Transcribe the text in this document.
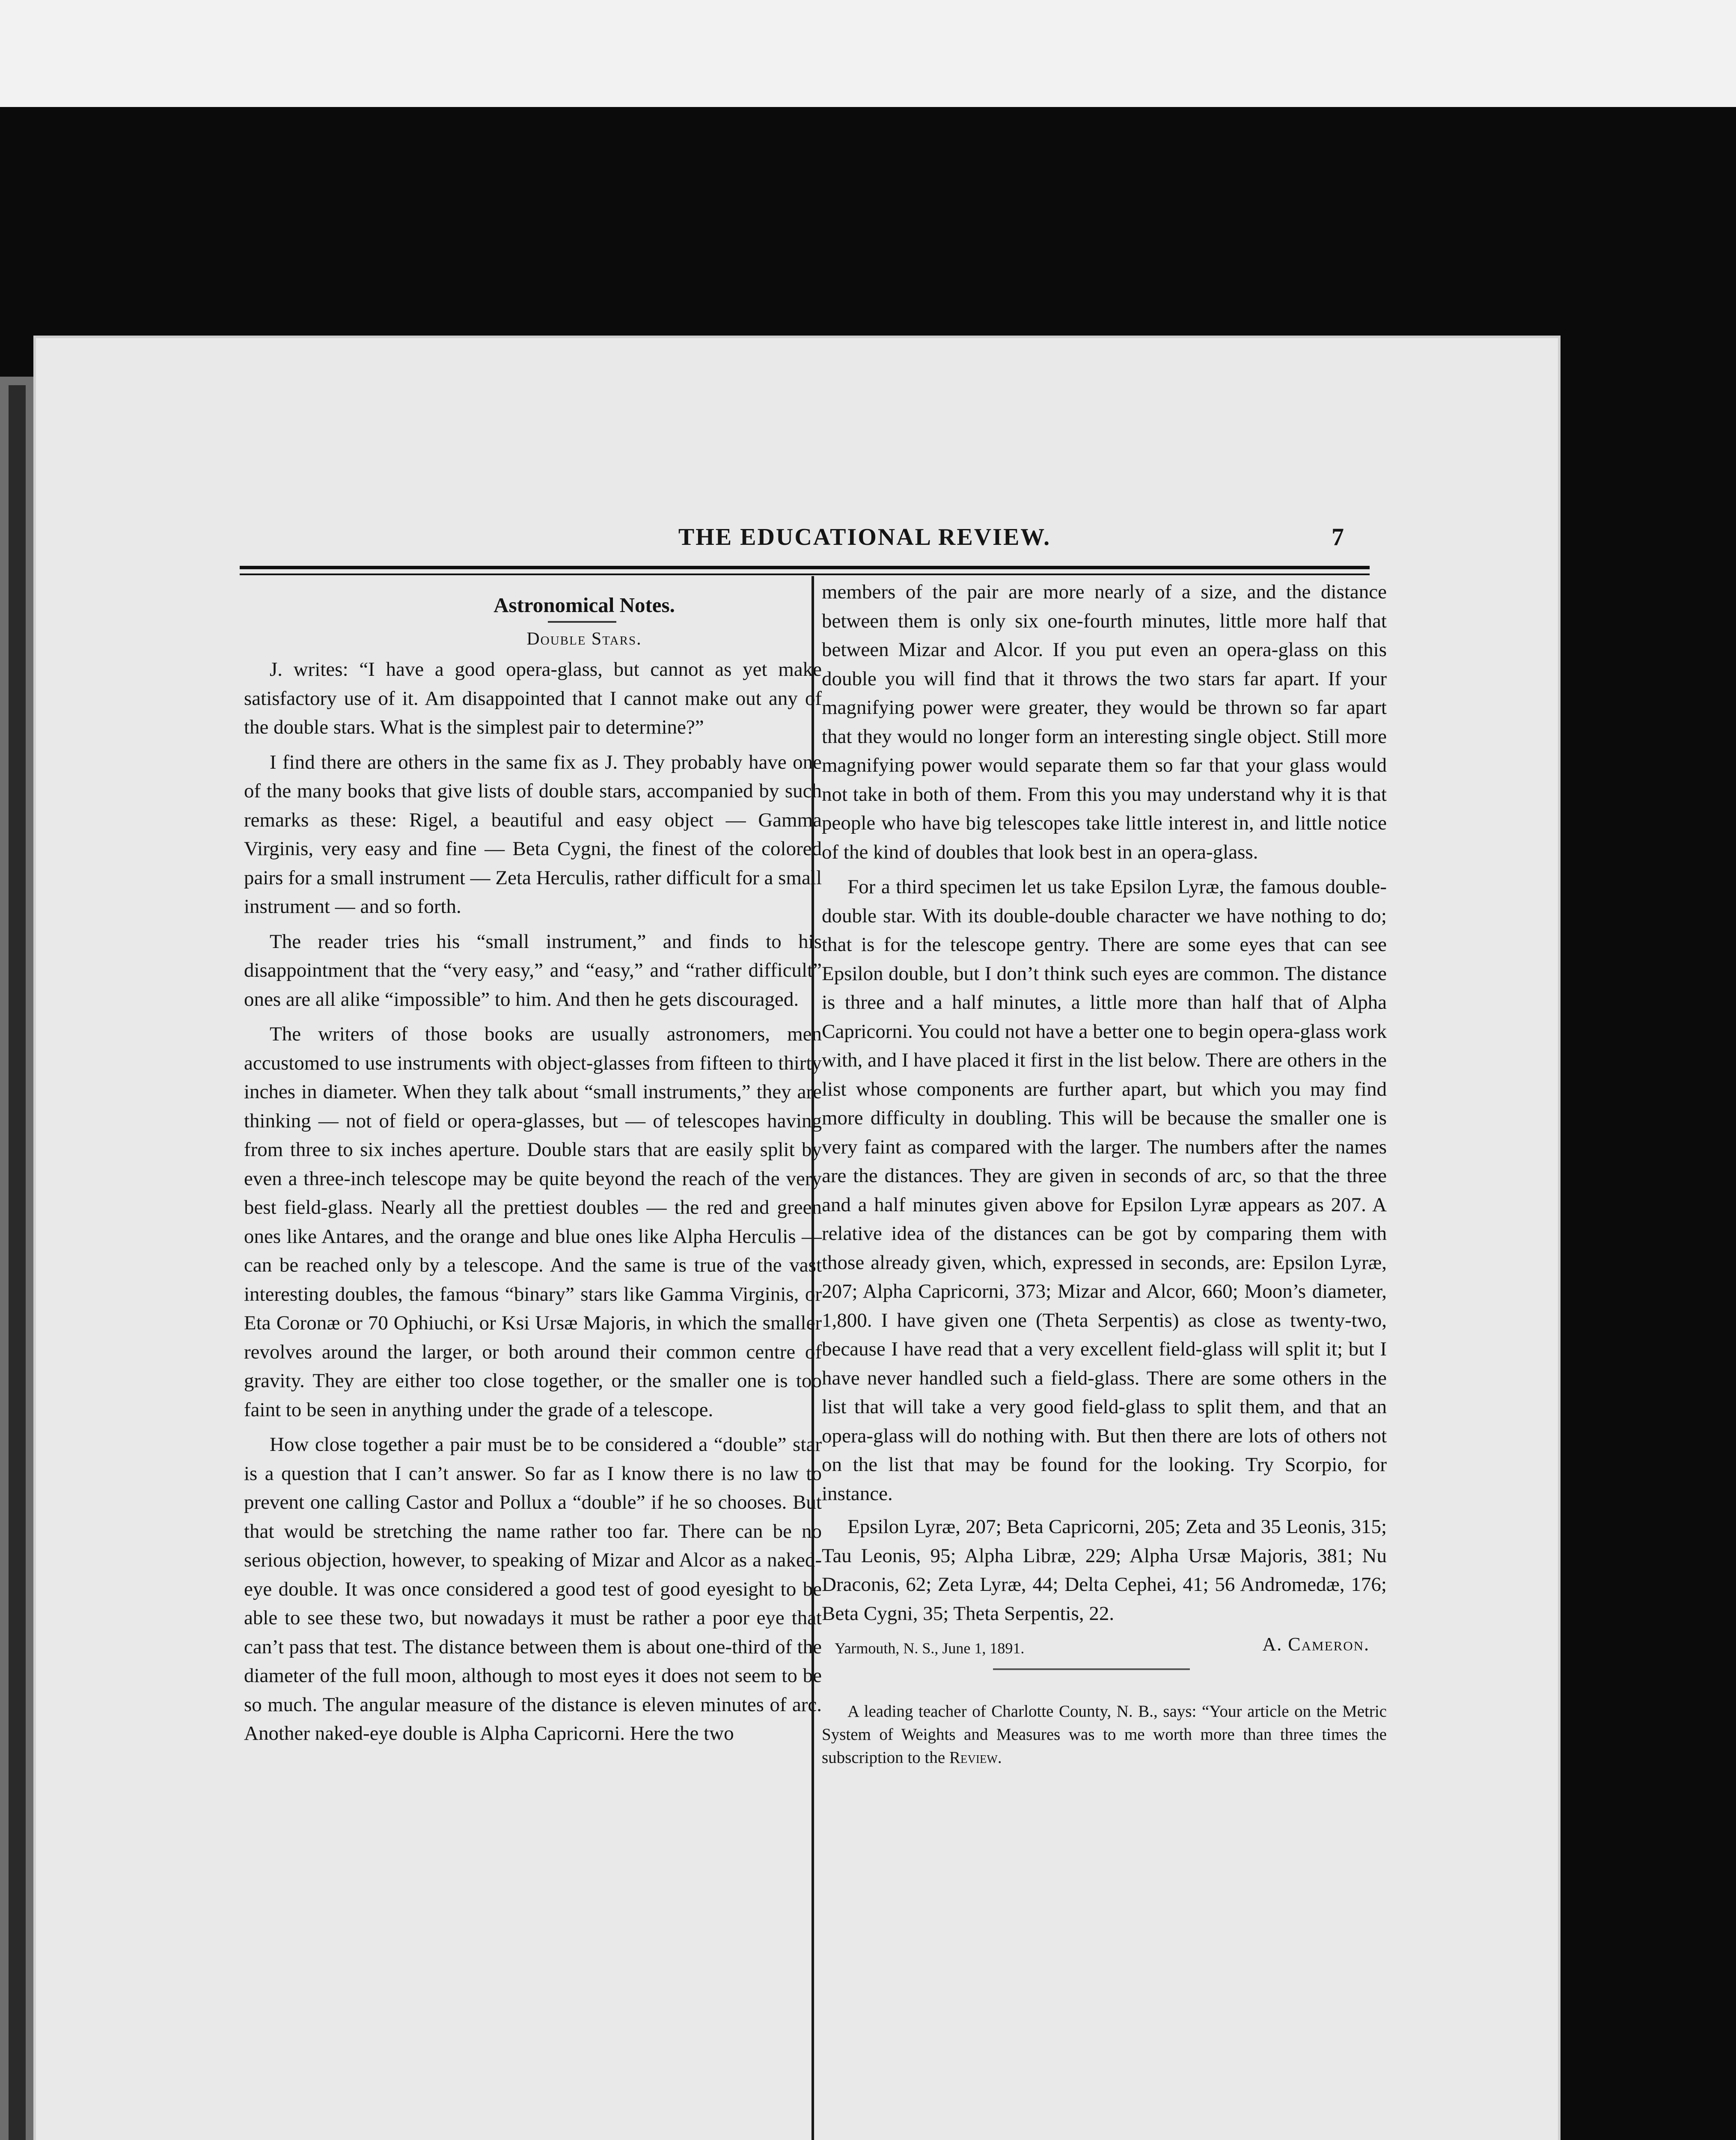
THE EDUCATIONAL REVIEW.	7
Astronomical Notes.
Double Stars.

J. writes: “I have a good opera-glass, but cannot as yet make satisfactory use of it. Am disappointed that I cannot make out any of the double stars. What is the simplest pair to determine?”

I find there are others in the same fix as J. They probably have one of the many books that give lists of double stars, accompanied by such remarks as these: Rigel, a beautiful and easy object — Gamma Virginis, very easy and fine — Beta Cygni, the finest of the colored pairs for a small instrument — Zeta Herculis, rather difficult for a small instrument — and so forth.

The reader tries his “small instrument,” and finds to his disappointment that the “very easy,” and “easy,” and “rather difficult” ones are all alike “impossible” to him. And then he gets discouraged.

The writers of those books are usually astronomers, men accustomed to use instruments with object-glasses from fifteen to thirty inches in diameter. When they talk about “small instruments,” they are thinking — not of field or opera-glasses, but — of telescopes having from three to six inches aperture. Double stars that are easily split by even a three-inch telescope may be quite beyond the reach of the very best field-glass. Nearly all the prettiest doubles — the red and green ones like Antares, and the orange and blue ones like Alpha Herculis — can be reached only by a telescope. And the same is true of the vast interesting doubles, the famous “binary” stars like Gamma Virginis, or Eta Coronæ or 70 Ophiuchi, or Ksi Ursæ Majoris, in which the smaller revolves around the larger, or both around their common centre of gravity. They are either too close together, or the smaller one is too faint to be seen in anything under the grade of a telescope.

How close together a pair must be to be considered a “double” star is a question that I can’t answer. So far as I know there is no law to prevent one calling Castor and Pollux a “double” if he so chooses. But that would be stretching the name rather too far. There can be no serious objection, however, to speaking of Mizar and Alcor as a naked-eye double. It was once considered a good test of good eyesight to be able to see these two, but nowadays it must be rather a poor eye that can’t pass that test. The distance between them is about one-third of the diameter of the full moon, although to most eyes it does not seem to be so much. The angular measure of the distance is eleven minutes of arc. Another naked-eye double is Alpha Capricorni. Here the two

members of the pair are more nearly of a size, and the distance between them is only six one-fourth minutes, little more half that between Mizar and Alcor. If you put even an opera-glass on this double you will find that it throws the two stars far apart. If your magnifying power were greater, they would be thrown so far apart that they would no longer form an interesting single object. Still more magnifying power would separate them so far that your glass would not take in both of them. From this you may understand why it is that people who have big telescopes take little interest in, and little notice of the kind of doubles that look best in an opera-glass.

For a third specimen let us take Epsilon Lyræ, the famous double-double star. With its double-double character we have nothing to do; that is for the telescope gentry. There are some eyes that can see Epsilon double, but I don’t think such eyes are common. The distance is three and a half minutes, a little more than half that of Alpha Capricorni. You could not have a better one to begin opera-glass work with, and I have placed it first in the list below. There are others in the list whose components are further apart, but which you may find more difficulty in doubling. This will be because the smaller one is very faint as compared with the larger. The numbers after the names are the distances. They are given in seconds of arc, so that the three and a half minutes given above for Epsilon Lyræ appears as 207. A relative idea of the distances can be got by comparing them with those already given, which, expressed in seconds, are: Epsilon Lyræ, 207; Alpha Capricorni, 373; Mizar and Alcor, 660; Moon’s diameter, 1,800. I have given one (Theta Serpentis) as close as twenty-two, because I have read that a very excellent field-glass will split it; but I have never handled such a field-glass. There are some others in the list that will take a very good field-glass to split them, and that an opera-glass will do nothing with. But then there are lots of others not on the list that may be found for the looking. Try Scorpio, for instance.

Epsilon Lyræ, 207; Beta Capricorni, 205; Zeta and 35 Leonis, 315; Tau Leonis, 95; Alpha Libræ, 229; Alpha Ursæ Majoris, 381; Nu Draconis, 62; Zeta Lyræ, 44; Delta Cephei, 41; 56 Andromedæ, 176; Beta Cygni, 35; Theta Serpentis, 22.

Yarmouth, N. S., June 1, 1891.	A. Cameron.

A leading teacher of Charlotte County, N. B., says: “Your article on the Metric System of Weights and Measures was to me worth more than three times the subscription to the Review.
